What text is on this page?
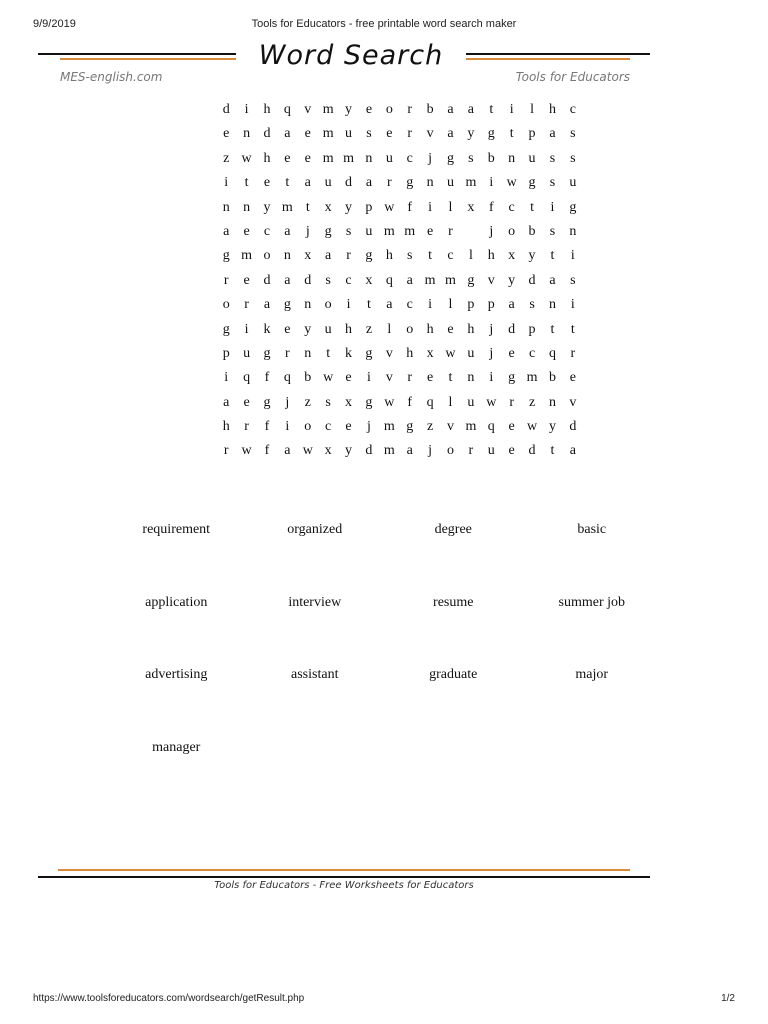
9/9/2019	Tools for Educators - free printable word search maker
Word Search
MES-english.com	Tools for Educators
d	i	h q v m y e o	r	b a	a	t	i	l	h c
e n d a	e m u	s	e	r	v a y g	t	p a	s
z w h e	e m m n u c	j	g	s	b n u	s	s
i	t	e	t	a u d a	r	g n u m i w g	s	u
n n y m t	x y p w f	i	l	x	f	c	t	i	g
a	e	c	a	j	g	s	u m m e	r	j	o b	s	n
g m o n x a	r	g h	s	t	c	l	h x y	t	i
r	e d a d	s	c x q a m m g v y d a	s
o	r	a g n o	i	t	a	c	i	l	p p a	s	n	i
g	i	k e y u h z	l	o h e h	j	d p	t	t
p u g	r	n	t	k g v h x w u	j	e	c q	r
i	q	f	q b w e	i	v	r	e	t	n	i	g m b e
a	e g	j	z	s	x g w f	q	l	u w r	z n v
h	r	f	i	o c	e	j m g z v m q e w y d
r w f	a w x y d m a	j	o	r	u e d	t	a
requirement	organized	degree	basic
application	interview	resume	summer job
advertising	assistant	graduate	major
manager
Tools for Educators - Free Worksheets for Educators
https://www.toolsforeducators.com/wordsearch/getResult.php	1/2
